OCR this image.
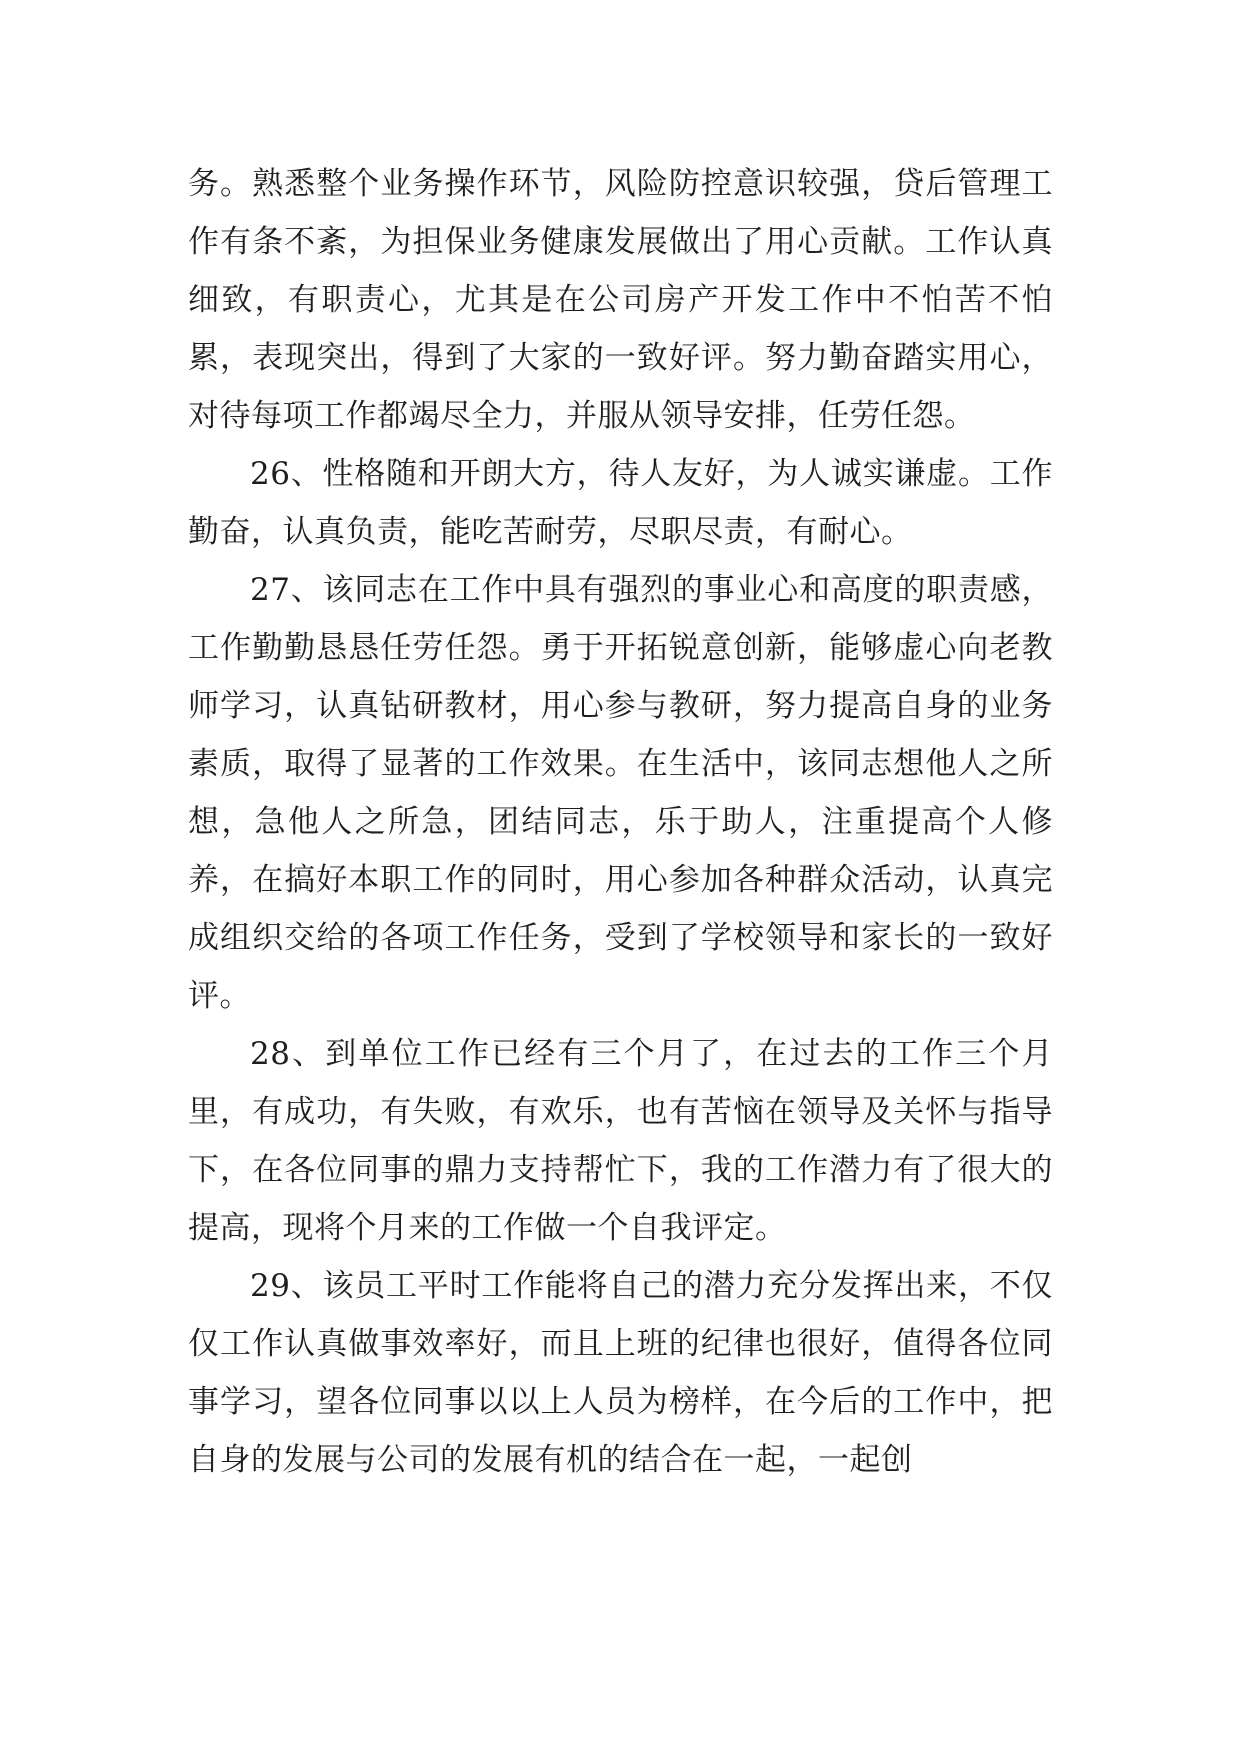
务。熟悉整个业务操作环节，风险防控意识较强，贷后管理工作有条不紊，为担保业务健康发展做出了用心贡献。工作认真细致，有职责心，尤其是在公司房产开发工作中不怕苦不怕累，表现突出，得到了大家的一致好评。努力勤奋踏实用心，对待每项工作都竭尽全力，并服从领导安排，任劳任怨。

26、性格随和开朗大方，待人友好，为人诚实谦虚。工作勤奋，认真负责，能吃苦耐劳，尽职尽责，有耐心。

27、该同志在工作中具有强烈的事业心和高度的职责感，工作勤勤恳恳任劳任怨。勇于开拓锐意创新，能够虚心向老教师学习，认真钻研教材，用心参与教研，努力提高自身的业务素质，取得了显著的工作效果。在生活中，该同志想他人之所想，急他人之所急，团结同志，乐于助人，注重提高个人修养，在搞好本职工作的同时，用心参加各种群众活动，认真完成组织交给的各项工作任务，受到了学校领导和家长的一致好评。

28、到单位工作已经有三个月了，在过去的工作三个月里，有成功，有失败，有欢乐，也有苦恼在领导及关怀与指导下，在各位同事的鼎力支持帮忙下，我的工作潜力有了很大的提高，现将个月来的工作做一个自我评定。

29、该员工平时工作能将自己的潜力充分发挥出来，不仅仅工作认真做事效率好，而且上班的纪律也很好，值得各位同事学习，望各位同事以以上人员为榜样，在今后的工作中，把自身的发展与公司的发展有机的结合在一起，一起创
